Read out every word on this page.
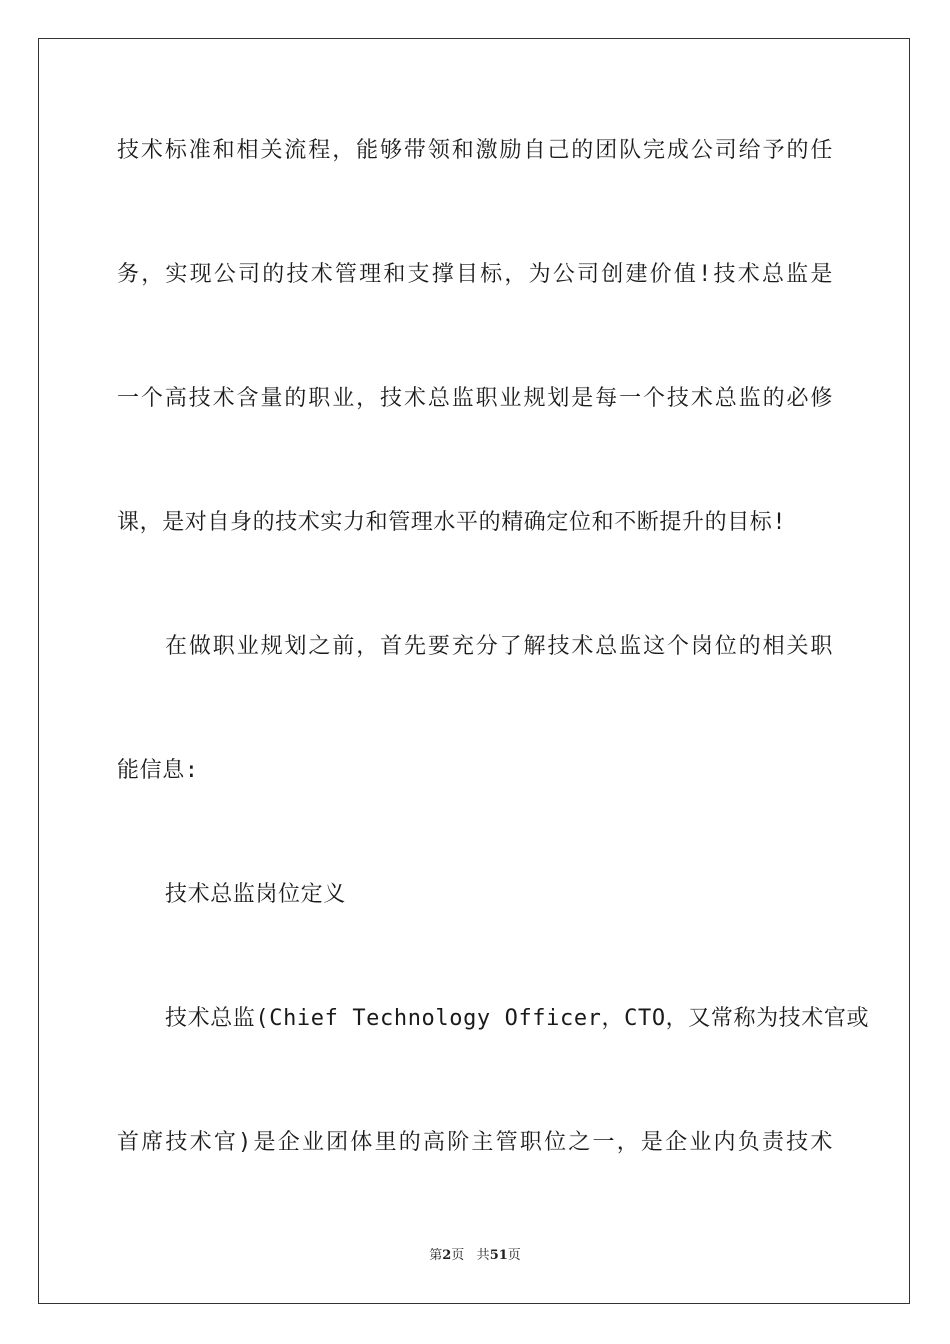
技术标准和相关流程，能够带领和激励自己的团队完成公司给予的任
务，实现公司的技术管理和支撑目标，为公司创建价值!技术总监是
一个高技术含量的职业，技术总监职业规划是每一个技术总监的必修
课，是对自身的技术实力和管理水平的精确定位和不断提升的目标!
在做职业规划之前，首先要充分了解技术总监这个岗位的相关职
能信息:
技术总监岗位定义
技术总监(Chief Technology Officer，CTO，又常称为技术官或
首席技术官)是企业团体里的高阶主管职位之一，是企业内负责技术
第2页 共51页
